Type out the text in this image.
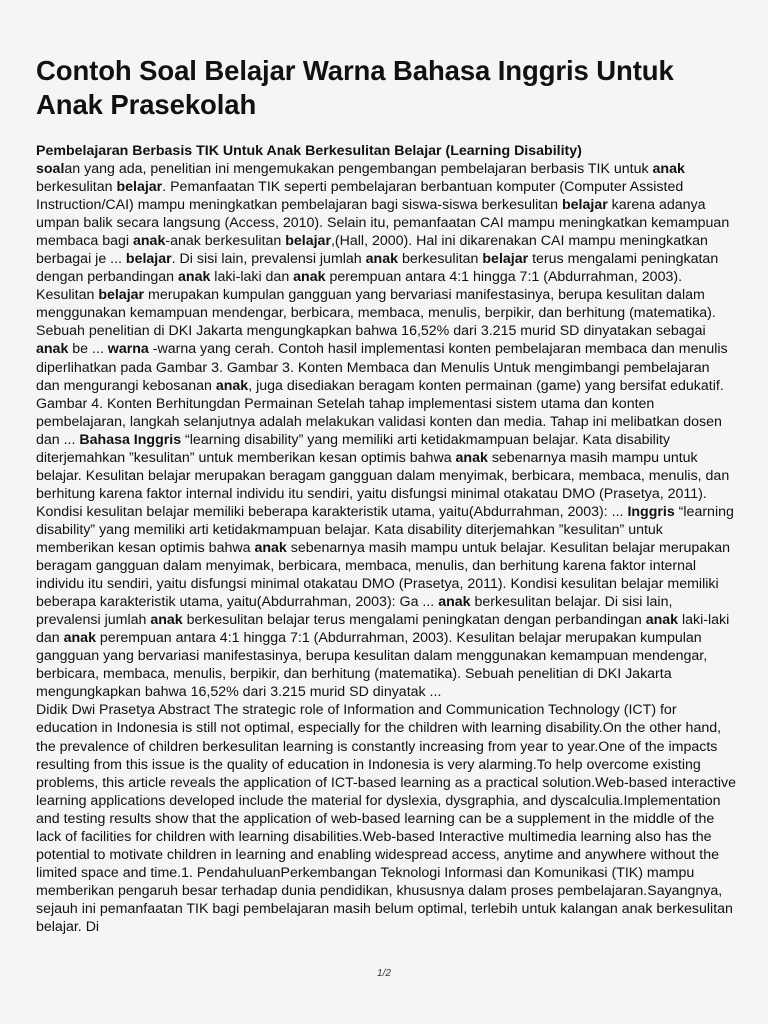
Contoh Soal Belajar Warna Bahasa Inggris Untuk Anak Prasekolah
Pembelajaran Berbasis TIK Untuk Anak Berkesulitan Belajar (Learning Disability)

soalan yang ada, penelitian ini mengemukakan pengembangan pembelajaran berbasis TIK untuk anak berkesulitan belajar. Pemanfaatan TIK seperti pembelajaran berbantuan komputer (Computer Assisted Instruction/CAI) mampu meningkatkan pembelajaran bagi siswa-siswa berkesulitan belajar karena adanya umpan balik secara langsung (Access, 2010). Selain itu, pemanfaatan CAI mampu meningkatkan kemampuan membaca bagi anak-anak berkesulitan belajar,(Hall, 2000). Hal ini dikarenakan CAI mampu meningkatkan berbagai je ... belajar. Di sisi lain, prevalensi jumlah anak berkesulitan belajar terus mengalami peningkatan dengan perbandingan anak laki-laki dan anak perempuan antara 4:1 hingga 7:1 (Abdurrahman, 2003). Kesulitan belajar merupakan kumpulan gangguan yang bervariasi manifestasinya, berupa kesulitan dalam menggunakan kemampuan mendengar, berbicara, membaca, menulis, berpikir, dan berhitung (matematika). Sebuah penelitian di DKI Jakarta mengungkapkan bahwa 16,52% dari 3.215 murid SD dinyatakan sebagai anak be ... warna -warna yang cerah. Contoh hasil implementasi konten pembelajaran membaca dan menulis diperlihatkan pada Gambar 3. Gambar 3. Konten Membaca dan Menulis Untuk mengimbangi pembelajaran dan mengurangi kebosanan anak, juga disediakan beragam konten permainan (game) yang bersifat edukatif. Gambar 4. Konten Berhitungdan Permainan Setelah tahap implementasi sistem utama dan konten pembelajaran, langkah selanjutnya adalah melakukan validasi konten dan media. Tahap ini melibatkan dosen dan ... Bahasa Inggris “learning disability” yang memiliki arti ketidakmampuan belajar. Kata disability diterjemahkan ”kesulitan” untuk memberikan kesan optimis bahwa anak sebenarnya masih mampu untuk belajar. Kesulitan belajar merupakan beragam gangguan dalam menyimak, berbicara, membaca, menulis, dan berhitung karena faktor internal individu itu sendiri, yaitu disfungsi minimal otakatau DMO (Prasetya, 2011). Kondisi kesulitan belajar memiliki beberapa karakteristik utama, yaitu(Abdurrahman, 2003): ... Inggris “learning disability” yang memiliki arti ketidakmampuan belajar. Kata disability diterjemahkan ”kesulitan” untuk memberikan kesan optimis bahwa anak sebenarnya masih mampu untuk belajar. Kesulitan belajar merupakan beragam gangguan dalam menyimak, berbicara, membaca, menulis, dan berhitung karena faktor internal individu itu sendiri, yaitu disfungsi minimal otakatau DMO (Prasetya, 2011). Kondisi kesulitan belajar memiliki beberapa karakteristik utama, yaitu(Abdurrahman, 2003): Ga ... anak berkesulitan belajar. Di sisi lain, prevalensi jumlah anak berkesulitan belajar terus mengalami peningkatan dengan perbandingan anak laki-laki dan anak perempuan antara 4:1 hingga 7:1 (Abdurrahman, 2003). Kesulitan belajar merupakan kumpulan gangguan yang bervariasi manifestasinya, berupa kesulitan dalam menggunakan kemampuan mendengar, berbicara, membaca, menulis, berpikir, dan berhitung (matematika). Sebuah penelitian di DKI Jakarta mengungkapkan bahwa 16,52% dari 3.215 murid SD dinyatak ...

Didik Dwi Prasetya Abstract The strategic role of Information and Communication Technology (ICT) for education in Indonesia is still not optimal, especially for the children with learning disability.On the other hand, the prevalence of children berkesulitan learning is constantly increasing from year to year.One of the impacts resulting from this issue is the quality of education in Indonesia is very alarming.To help overcome existing problems, this article reveals the application of ICT-based learning as a practical solution.Web-based interactive learning applications developed include the material for dyslexia, dysgraphia, and dyscalculia.Implementation and testing results show that the application of web-based learning can be a supplement in the middle of the lack of facilities for children with learning disabilities.Web-based Interactive multimedia learning also has the potential to motivate children in learning and enabling widespread access, anytime and anywhere without the limited space and time.1. PendahuluanPerkembangan Teknologi Informasi dan Komunikasi (TIK) mampu memberikan pengaruh besar terhadap dunia pendidikan, khususnya dalam proses pembelajaran.Sayangnya, sejauh ini pemanfaatan TIK bagi pembelajaran masih belum optimal, terlebih untuk kalangan anak berkesulitan belajar. Di

1/2
